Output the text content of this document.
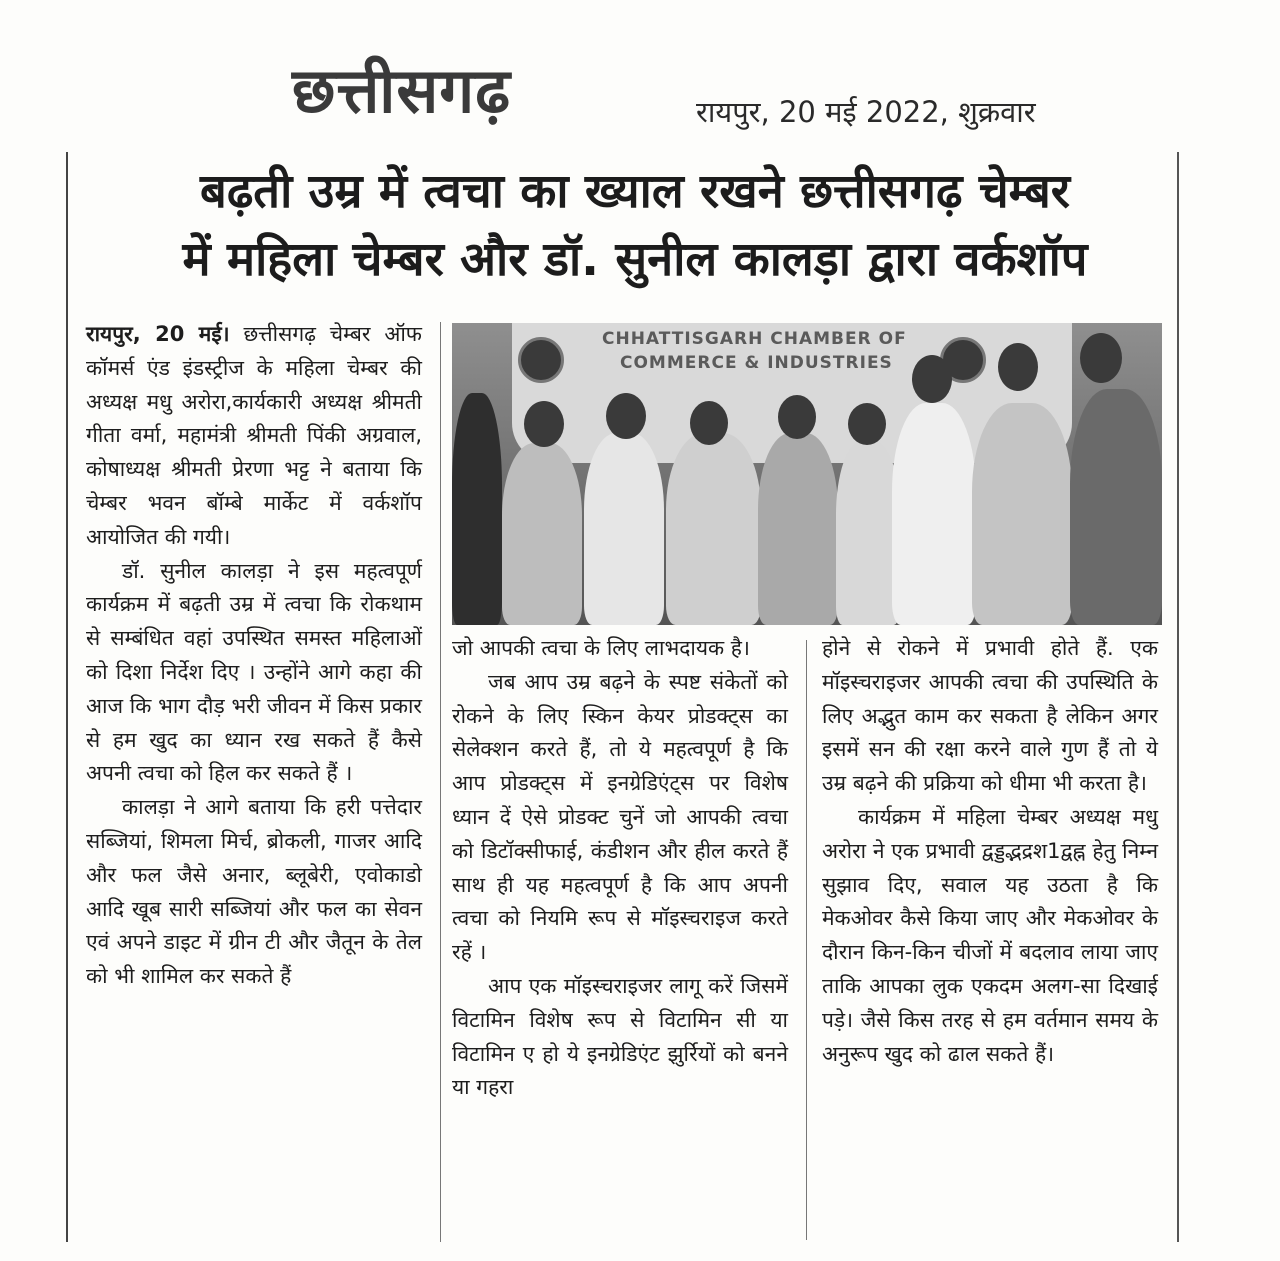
छत्तीसगढ़	रायपुर, 20 मई 2022, शुक्रवार
बढ़ती उम्र में त्वचा का ख्याल रखने छत्तीसगढ़ चेम्बर
में महिला चेम्बर और डॉ. सुनील कालड़ा द्वारा वर्कशॉप

रायपुर, 20 मई। छत्तीसगढ़ चेम्बर ऑफ कॉमर्स एंड इंडस्ट्रीज के महिला चेम्बर की अध्यक्ष मधु अरोरा,कार्यकारी अध्यक्ष श्रीमती गीता वर्मा, महामंत्री श्रीमती पिंकी अग्रवाल, कोषाध्यक्ष श्रीमती प्रेरणा भट्ट ने बताया कि चेम्बर भवन बॉम्बे मार्केट में वर्कशॉप आयोजित की गयी।

डॉ. सुनील कालड़ा ने इस महत्वपूर्ण कार्यक्रम में बढ़ती उम्र में त्वचा कि रोकथाम से सम्बंधित वहां उपस्थित समस्त महिलाओं को दिशा निर्देश दिए । उन्होंने आगे कहा की आज कि भाग दौड़ भरी जीवन में किस प्रकार से हम खुद का ध्यान रख सकते हैं कैसे अपनी त्वचा को हिल कर सकते हैं ।

कालड़ा ने आगे बताया कि हरी पत्तेदार सब्जियां, शिमला मिर्च, ब्रोकली, गाजर आदि और फल जैसे अनार, ब्लूबेरी, एवोकाडो आदि खूब सारी सब्जियां और फल का सेवन एवं अपने डाइट में ग्रीन टी और जैतून के तेल को भी शामिल कर सकते हैं

CHHATTISGARH CHAMBER OF
COMMERCE & INDUSTRIES

जो आपकी त्वचा के लिए लाभदायक है।

जब आप उम्र बढ़ने के स्पष्ट संकेतों को रोकने के लिए स्किन केयर प्रोडक्ट्स का सेलेक्शन करते हैं, तो ये महत्वपूर्ण है कि आप प्रोडक्ट्स में इनग्रेडिएंट्स पर विशेष ध्यान दें ऐसे प्रोडक्ट चुनें जो आपकी त्वचा को डिटॉक्सीफाई, कंडीशन और हील करते हैं साथ ही यह महत्वपूर्ण है कि आप अपनी त्वचा को नियमि रूप से मॉइस्चराइज करते रहें ।

आप एक मॉइस्चराइजर लागू करें जिसमें विटामिन विशेष रूप से विटामिन सी या विटामिन ए हो ये इनग्रेडिएंट झुर्रियों को बनने या गहरा

होने से रोकने में प्रभावी होते हैं. एक मॉइस्चराइजर आपकी त्वचा की उपस्थिति के लिए अद्भुत काम कर सकता है लेकिन अगर इसमें सन की रक्षा करने वाले गुण हैं तो ये उम्र बढ़ने की प्रक्रिया को धीमा भी करता है।

कार्यक्रम में महिला चेम्बर अध्यक्ष मधु अरोरा ने एक प्रभावी द्वड्डद्भद्रश1द्वह्न हेतु निम्न सुझाव दिए, सवाल यह उठता है कि मेकओवर कैसे किया जाए और मेकओवर के दौरान किन-किन चीजों में बदलाव लाया जाए ताकि आपका लुक एकदम अलग-सा दिखाई पड़े। जैसे किस तरह से हम वर्तमान समय के अनुरूप खुद को ढाल सकते हैं।
